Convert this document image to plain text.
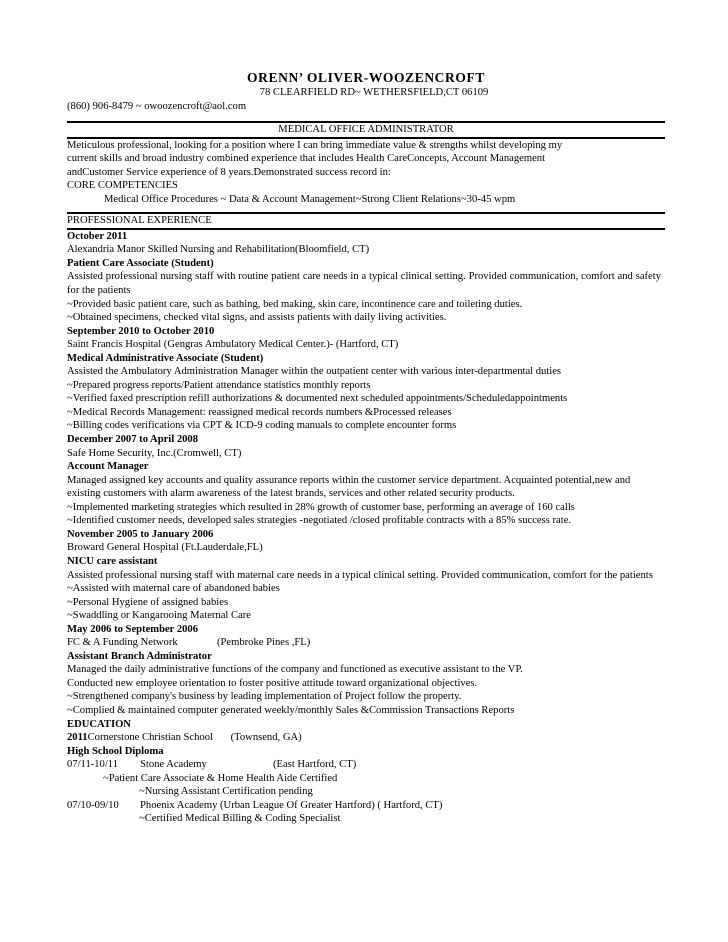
ORENN’ OLIVER-WOOZENCROFT
78 CLEARFIELD RD~ WETHERSFIELD,CT 06109
(860) 906-8479 ~ owoozencroft@aol.com
MEDICAL OFFICE ADMINISTRATOR
Meticulous professional, looking for a position where I can bring immediate value & strengths whilst developing my
current skills and broad industry combined experience that includes Health CareConcepts, Account Management
andCustomer Service experience of 8 years.Demonstrated success record in:
CORE COMPETENCIES
Medical Office Procedures ~ Data & Account Management~Strong Client Relations~30-45 wpm
PROFESSIONAL EXPERIENCE
October 2011
Alexandria Manor Skilled Nursing and Rehabilitation(Bloomfield, CT)
Patient Care Associate (Student)
Assisted professional nursing staff with routine patient care needs in a typical clinical setting. Provided communication, comfort and safety for the patients
~Provided basic patient care, such as bathing, bed making, skin care, incontinence care and toileting duties.
~Obtained specimens, checked vital signs, and assists patients with daily living activities.
September 2010 to October 2010
Saint Francis Hospital (Gengras Ambulatory Medical Center.)- (Hartford, CT)
Medical Administrative Associate (Student)
Assisted the Ambulatory Administration Manager within the outpatient center with various inter-departmental duties
~Prepared progress reports/Patient attendance statistics monthly reports
~Verified faxed prescription refill authorizations & documented next scheduled appointments/Scheduledappointments
~Medical Records Management: reassigned medical records numbers &Processed releases
~Billing codes verifications via CPT & ICD-9 coding manuals to complete encounter forms
December 2007 to April 2008
Safe Home Security, Inc.(Cromwell, CT)
Account Manager
Managed assigned key accounts and quality assurance reports within the customer service department. Acquainted potential,new and existing customers with alarm awareness of the latest brands, services and other related security products.
~Implemented marketing strategies which resulted in 28% growth of customer base, performing an average of 160 calls
~Identified customer needs, developed sales strategies -negotiated /closed profitable contracts with a 85% success rate.
November 2005 to January 2006
Broward General Hospital (Ft.Lauderdale,FL)
NICU care assistant
Assisted professional nursing staff with maternal care needs in a typical clinical setting. Provided communication, comfort for the patients
~Assisted with maternal care of abandoned babies
~Personal Hygiene of assigned babies
~Swaddling or Kangarooing Maternal Care
May 2006 to September 2006
FC & A Funding Network	(Pembroke Pines ,FL)
Assistant Branch Administrator
Managed the daily administrative functions of the company and functioned as executive assistant to the VP.
Conducted new employee orientation to foster positive attitude toward organizational objectives.
~Strengthened company's business by leading implementation of Project follow the property.
~Complied & maintained computer generated weekly/monthly Sales &Commission Transactions Reports
EDUCATION
2011Cornerstone Christian School (Townsend, GA)
High School Diploma
07/11-10/11 Stone Academy	(East Hartford, CT)
~Patient Care Associate & Home Health Aide Certified
~Nursing Assistant Certification pending
07/10-09/10 Phoenix Academy (Urban League Of Greater Hartford) ( Hartford, CT)
~Certified Medical Billing & Coding Specialist
